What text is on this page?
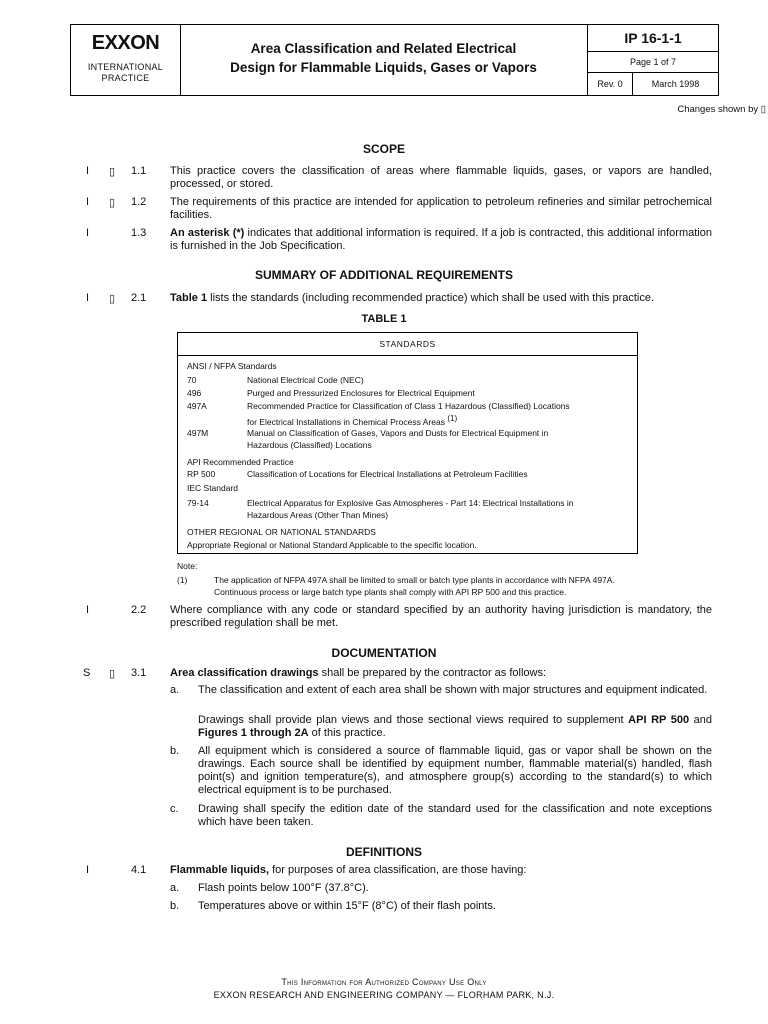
EXXON
INTERNATIONAL
PRACTICE
Area Classification and Related Electrical
Design for Flammable Liquids, Gases or Vapors
IP 16-1-1
Page 1 of 7
Rev. 0	March 1998
Changes shown by ▯
SCOPE
I ▯ 1.1 This practice covers the classification of areas where flammable liquids, gases, or vapors are handled, processed, or stored.
I ▯ 1.2 The requirements of this practice are intended for application to petroleum refineries and similar petrochemical facilities.
I	1.3 An asterisk (*) indicates that additional information is required. If a job is contracted, this additional information is furnished in the Job Specification.
SUMMARY OF ADDITIONAL REQUIREMENTS
I ▯ 2.1 Table 1 lists the standards (including recommended practice) which shall be used with this practice.
TABLE 1
STANDARDS
ANSI / NFPA Standards
70	National Electrical Code (NEC)
496	Purged and Pressurized Enclosures for Electrical Equipment
497A	Recommended Practice for Classification of Class 1 Hazardous (Classified) Locations
for Electrical Installations in Chemical Process Areas $^{(1)}$
497M	Manual on Classification of Gases, Vapors and Dusts for Electrical Equipment in
Hazardous (Classified) Locations
API Recommended Practice
RP 500	Classification of Locations for Electrical Installations at Petroleum Facilities
IEC Standard
79-14	Electrical Apparatus for Explosive Gas Atmospheres - Part 14: Electrical Installations in
Hazardous Areas (Other Than Mines)
OTHER REGIONAL OR NATIONAL STANDARDS
Appropriate Regional or National Standard Applicable to the specific location.
Note:
(1)	The application of NFPA 497A shall be limited to small or batch type plants in accordance with NFPA 497A.
Continuous process or large batch type plants shall comply with API RP 500 and this practice.
I	2.2 Where compliance with any code or standard specified by an authority having jurisdiction is mandatory, the prescribed regulation shall be met.
DOCUMENTATION
S ▯ 3.1 Area classification drawings shall be prepared by the contractor as follows:
a. The classification and extent of each area shall be shown with major structures and equipment indicated.
Drawings shall provide plan views and those sectional views required to supplement API RP 500 and Figures 1 through 2A of this practice.
b. All equipment which is considered a source of flammable liquid, gas or vapor shall be shown on the drawings. Each source shall be identified by equipment number, flammable material(s) handled, flash point(s) and ignition temperature(s), and atmosphere group(s) according to the standard(s) to which electrical equipment is to be purchased.
c. Drawing shall specify the edition date of the standard used for the classification and note exceptions which have been taken.
DEFINITIONS
I	4.1 Flammable liquids, for purposes of area classification, are those having:
a. Flash points below 100°F (37.8°C).
b. Temperatures above or within 15°F (8°C) of their flash points.
This Information for Authorized Company Use Only
EXXON RESEARCH AND ENGINEERING COMPANY — FLORHAM PARK, N.J.
